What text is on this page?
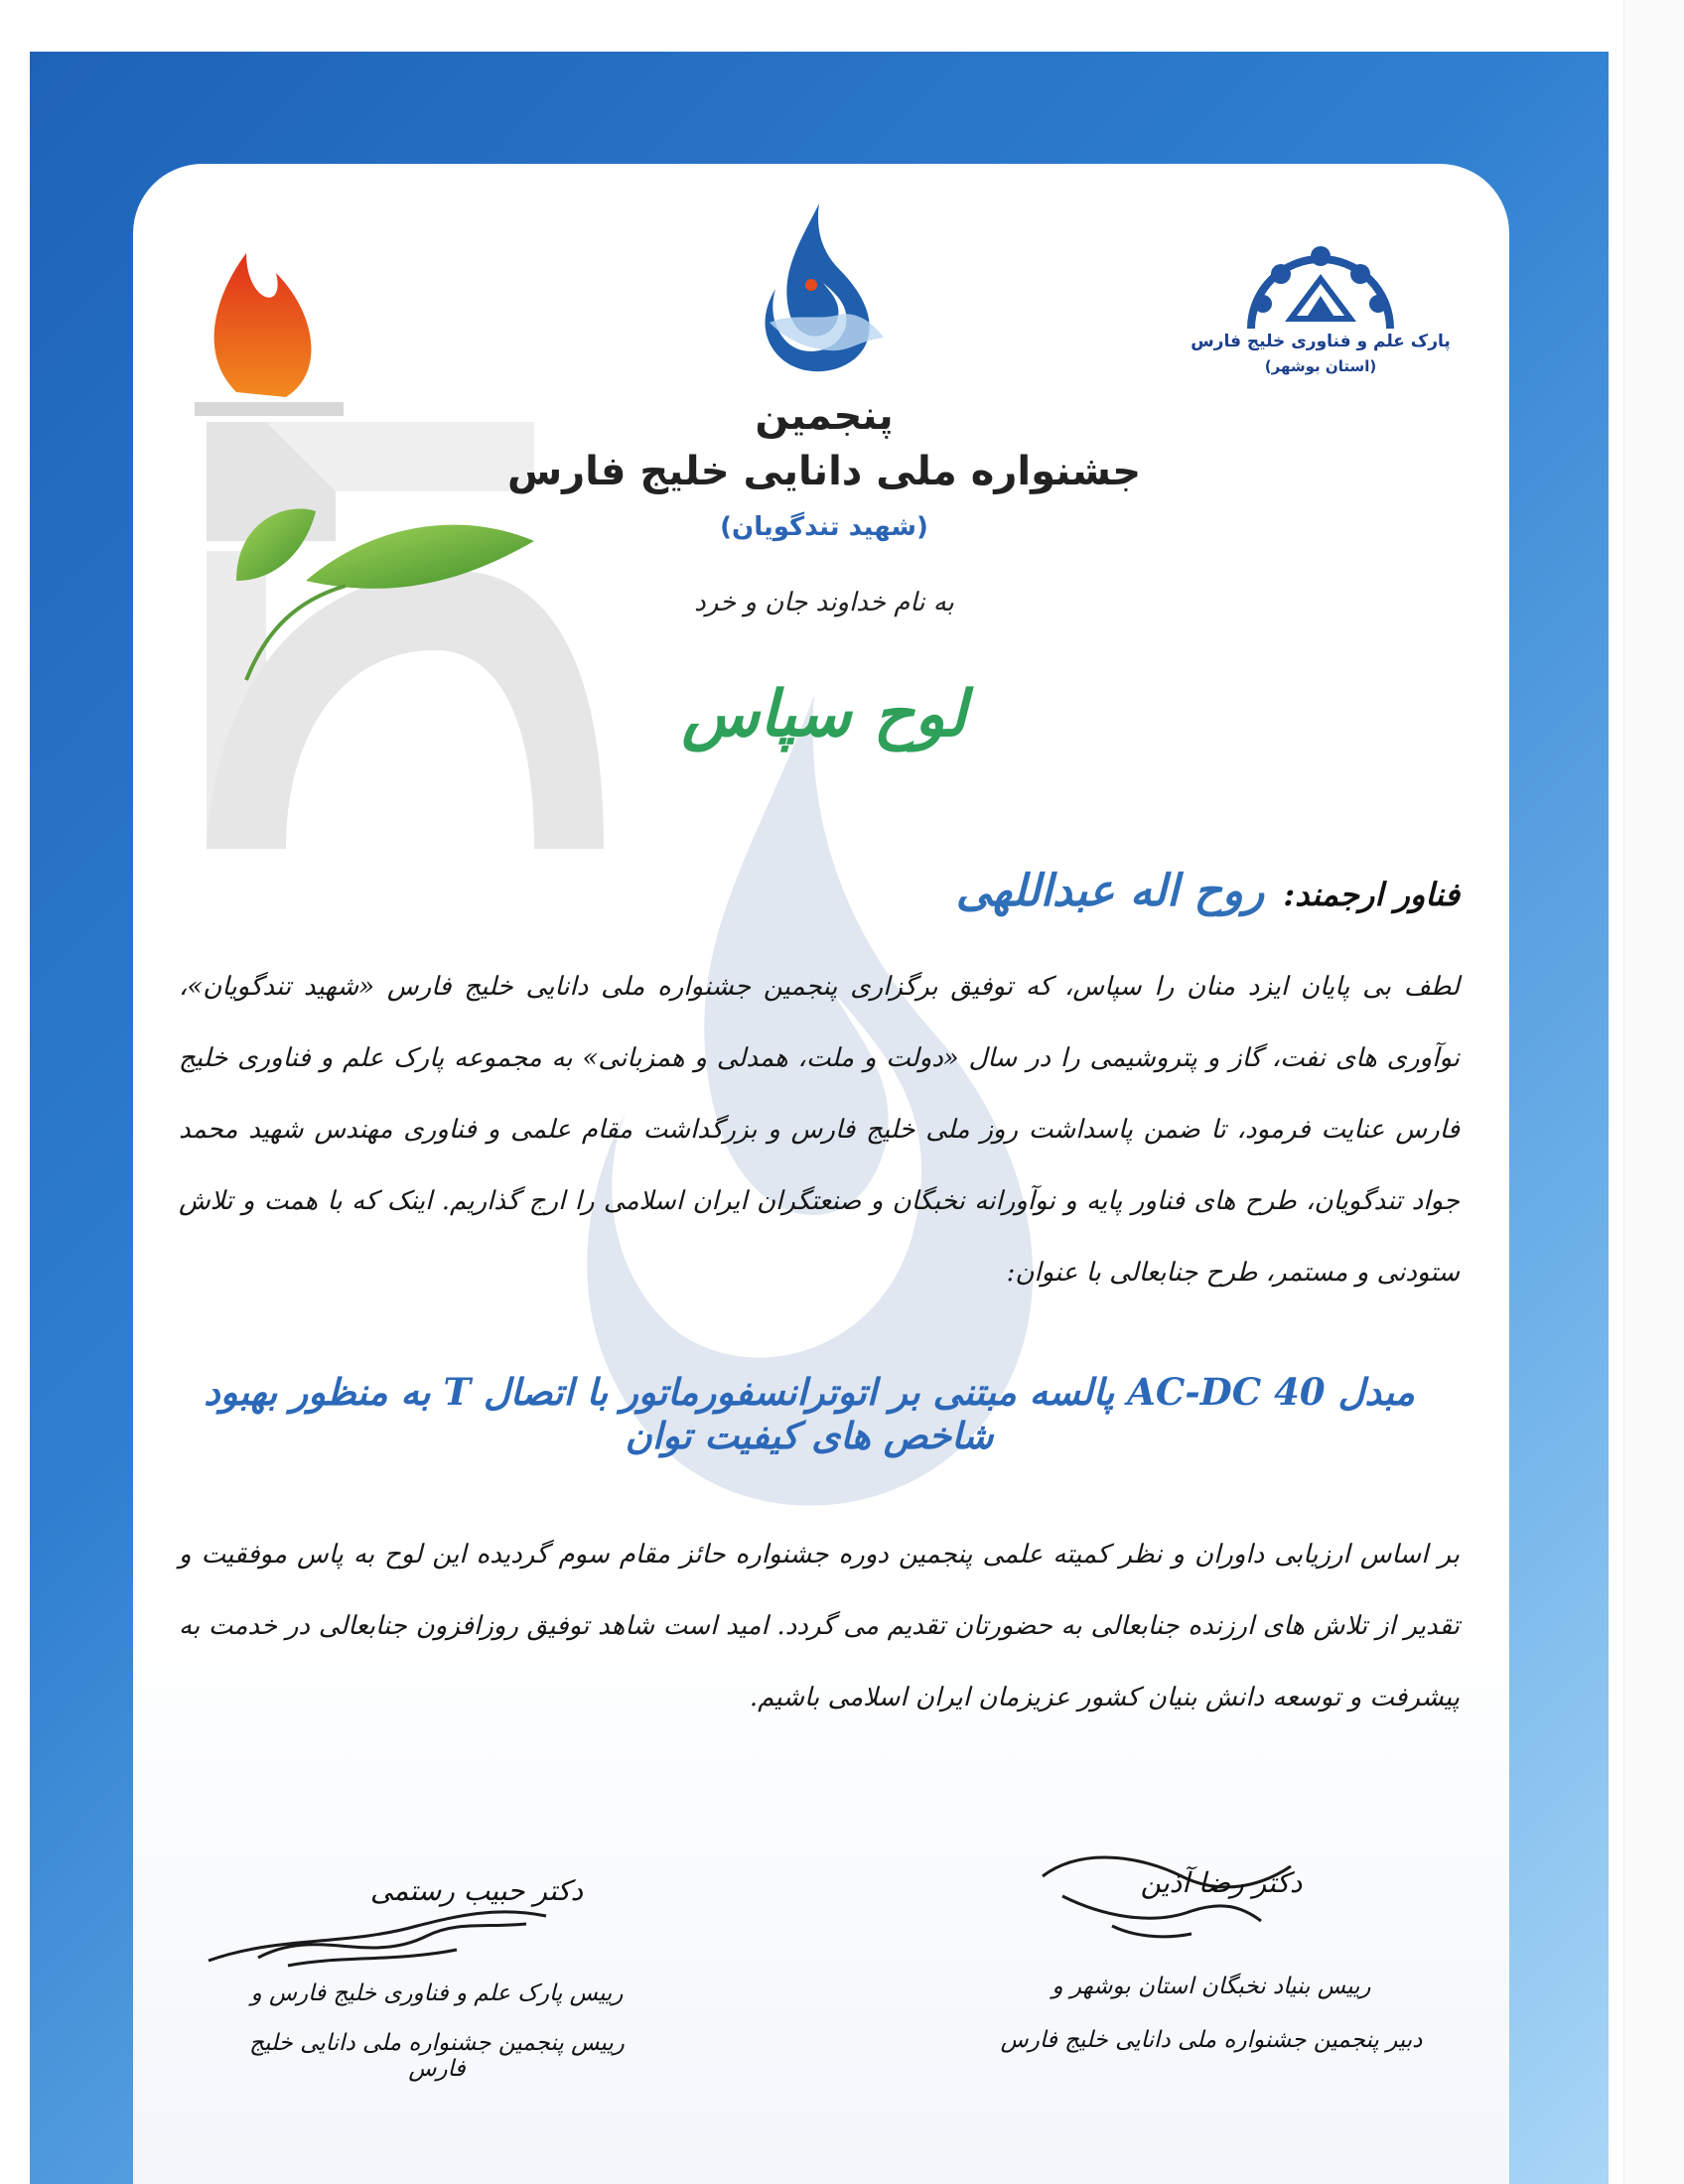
پارک علم و فناوری خلیج فارس
(استان بوشهر)
پنجمین
جشنواره ملی دانایی خلیج فارس
(شهید تندگویان)
به نام خداوند جان و خرد
لوح سپاس
فناور ارجمند: روح اله عبداللهی
لطف بی پایان ایزد منان را سپاس، که توفیق برگزاری پنجمین جشنواره ملی دانایی خلیج فارس «شهید تندگویان»، نوآوری های نفت، گاز و پتروشیمی را در سال «دولت و ملت، همدلی و همزبانی» به مجموعه پارک علم و فناوری خلیج فارس عنایت فرمود، تا ضمن پاسداشت روز ملی خلیج فارس و بزرگداشت مقام علمی و فناوری مهندس شهید محمد جواد تندگویان، طرح های فناور پایه و نوآورانه نخبگان و صنعتگران ایران اسلامی را ارج گذاریم. اینک که با همت و تلاش ستودنی و مستمر، طرح جنابعالی با عنوان:
مبدل AC-DC 40 پالسه مبتنی بر اتوترانسفورماتور با اتصال T به منظور بهبود شاخص های کیفیت توان
بر اساس ارزیابی داوران و نظر کمیته علمی پنجمین دوره جشنواره حائز مقام سوم گردیده این لوح به پاس موفقیت و تقدیر از تلاش های ارزنده جنابعالی به حضورتان تقدیم می گردد. امید است شاهد توفیق روزافزون جنابعالی در خدمت به پیشرفت و توسعه دانش بنیان کشور عزیزمان ایران اسلامی باشیم.
دکتر حبیب رستمی
رییس پارک علم و فناوری خلیج فارس و
رییس پنجمین جشنواره ملی دانایی خلیج فارس
دکتر رضا آذین
رییس بنیاد نخبگان استان بوشهر و
دبیر پنجمین جشنواره ملی دانایی خلیج فارس
